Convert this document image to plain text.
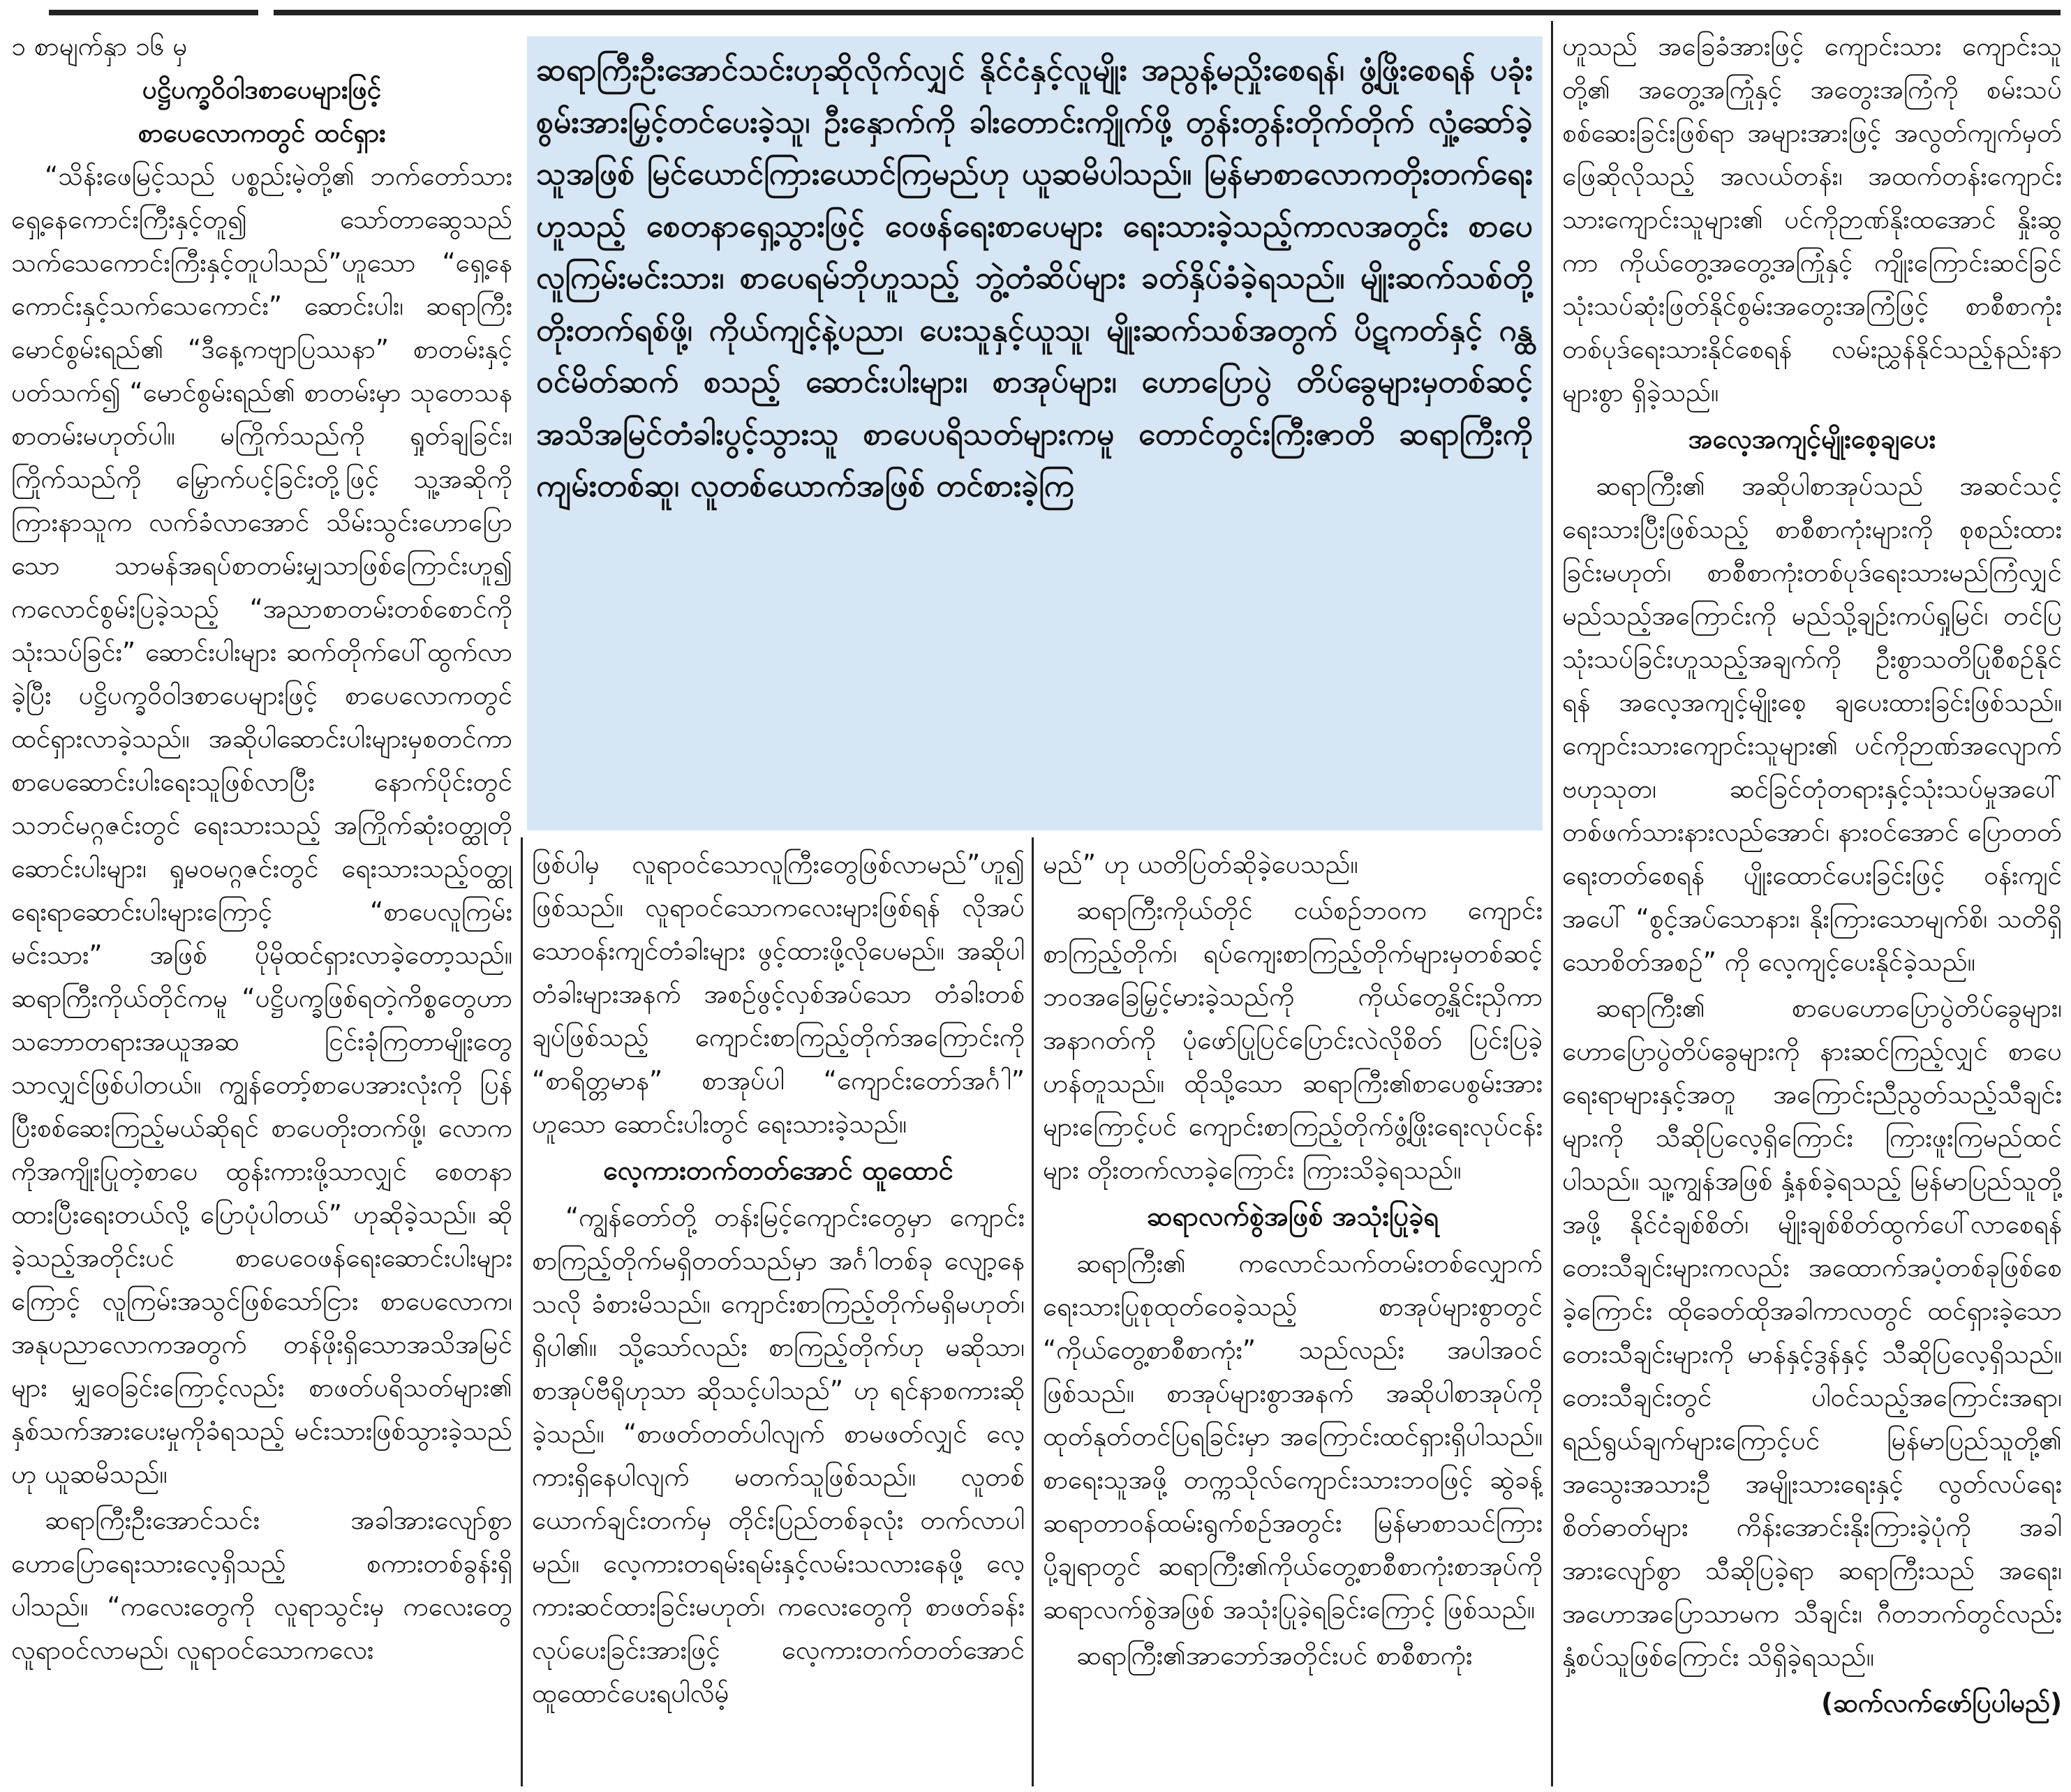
၁ စာမျက်နှာ ၁၆ မှ
ပဋ္ဌိပက္ခဝိဝါဒစာပေများဖြင့်
စာပေလောကတွင် ထင်ရှား

“သိန်းဖေမြင့်သည် ပစ္စည်းမဲ့တို့၏ ဘက်တော်သားရှေ့နေကောင်းကြီးနှင့်တူ၍ သော်တာဆွေသည် သက်သေကောင်းကြီးနှင့်တူပါသည်”ဟူသော “ရှေ့နေကောင်းနှင့်သက်သေကောင်း” ဆောင်းပါး၊ ဆရာကြီးမောင်စွမ်းရည်၏ “ဒီနေ့ကဗျာပြဿနာ” စာတမ်းနှင့်ပတ်သက်၍ “မောင်စွမ်းရည်၏ စာတမ်းမှာ သုတေသနစာတမ်းမဟုတ်ပါ။ မကြိုက်သည်ကို ရှုတ်ချခြင်း၊ ကြိုက်သည်ကို မြှောက်ပင့်ခြင်းတို့ဖြင့် သူ့အဆိုကို ကြားနာသူက လက်ခံလာအောင် သိမ်းသွင်းဟောပြောသော သာမန်အရပ်စာတမ်းမျှသာဖြစ်ကြောင်းဟူ၍ ကလောင်စွမ်းပြခဲ့သည့် “အညာစာတမ်းတစ်စောင်ကို သုံးသပ်ခြင်း” ဆောင်းပါးများ ဆက်တိုက်ပေါ်ထွက်လာခဲ့ပြီး ပဋ္ဌိပက္ခဝိဝါဒစာပေများဖြင့် စာပေလောကတွင် ထင်ရှားလာခဲ့သည်။ အဆိုပါဆောင်းပါးများမှစတင်ကာ စာပေဆောင်းပါးရေးသူဖြစ်လာပြီး နောက်ပိုင်းတွင် သဘင်မဂ္ဂဇင်းတွင် ရေးသားသည့် အကြိုက်ဆုံးဝတ္ထုတိုဆောင်းပါးများ၊ ရှုမဝမဂ္ဂဇင်းတွင် ရေးသားသည့်ဝတ္ထုရေးရာဆောင်းပါးများကြောင့် “စာပေလူကြမ်းမင်းသား” အဖြစ် ပိုမိုထင်ရှားလာခဲ့တော့သည်။ ဆရာကြီးကိုယ်တိုင်ကမူ “ပဋ္ဌိပက္ခဖြစ်ရတဲ့ကိစ္စတွေဟာ သဘောတရားအယူအဆ ငြင်းခုံကြတာမျိုးတွေသာလျှင်ဖြစ်ပါတယ်။ ကျွန်တော့်စာပေအားလုံးကို ပြန်ပြီးစစ်ဆေးကြည့်မယ်ဆိုရင် စာပေတိုးတက်ဖို့၊ လောကကိုအကျိုးပြုတဲ့စာပေ ထွန်းကားဖို့သာလျှင် စေတနာထားပြီးရေးတယ်လို့ ပြောပုံပါတယ်” ဟုဆိုခဲ့သည်။ ဆိုခဲ့သည့်အတိုင်းပင် စာပေဝေဖန်ရေးဆောင်းပါးများကြောင့် လူကြမ်းအသွင်ဖြစ်သော်ငြား စာပေလောက၊ အနုပညာလောကအတွက် တန်ဖိုးရှိသောအသိအမြင်များ မျှဝေခြင်းကြောင့်လည်း စာဖတ်ပရိသတ်များ၏ နှစ်သက်အားပေးမှုကိုခံရသည့် မင်းသားဖြစ်သွားခဲ့သည်ဟု ယူဆမိသည်။

ဆရာကြီးဦးအောင်သင်း အခါအားလျော်စွာ ဟောပြောရေးသားလေ့ရှိသည့် စကားတစ်ခွန်းရှိပါသည်။ “ကလေးတွေကို လူရာသွင်းမှ ကလေးတွေလူရာဝင်လာမည်၊ လူရာဝင်သောကလေး

ဆရာကြီးဦးအောင်သင်းဟုဆိုလိုက်လျှင် နိုင်ငံနှင့်လူမျိုး အညွန့်မညှိုးစေရန်၊ ဖွံ့ဖြိုးစေရန် ပခုံးစွမ်းအားမြှင့်တင်ပေးခဲ့သူ၊ ဦးနှောက်ကို ခါးတောင်းကျိုက်ဖို့ တွန်းတွန်းတိုက်တိုက် လှုံ့ဆော်ခဲ့သူအဖြစ် မြင်ယောင်ကြားယောင်ကြမည်ဟု ယူဆမိပါသည်။ မြန်မာစာလောကတိုးတက်ရေးဟူသည့် စေတနာရှေ့သွားဖြင့် ဝေဖန်ရေးစာပေများ ရေးသားခဲ့သည့်ကာလအတွင်း စာပေလူကြမ်းမင်းသား၊ စာပေရမ်ဘိုဟူသည့် ဘွဲ့တံဆိပ်များ ခတ်နှိပ်ခံခဲ့ရသည်။ မျိုးဆက်သစ်တို့ တိုးတက်ရစ်ဖို့၊ ကိုယ်ကျင့်နဲ့ပညာ၊ ပေးသူနှင့်ယူသူ၊ မျိုးဆက်သစ်အတွက် ပိဋကတ်နှင့် ဂန္ထဝင်မိတ်ဆက် စသည့် ဆောင်းပါးများ၊ စာအုပ်များ၊ ဟောပြောပွဲ တိပ်ခွေများမှတစ်ဆင့် အသိအမြင်တံခါးပွင့်သွားသူ စာပေပရိသတ်များကမူ တောင်တွင်းကြီးဇာတိ ဆရာကြီးကို ကျမ်းတစ်ဆူ၊ လူတစ်ယောက်အဖြစ် တင်စားခဲ့ကြ

ဖြစ်ပါမှ လူရာဝင်သောလူကြီးတွေဖြစ်လာမည်”ဟူ၍ ဖြစ်သည်။ လူရာဝင်သောကလေးများဖြစ်ရန် လိုအပ်သောဝန်းကျင်တံခါးများ ဖွင့်ထားဖို့လိုပေမည်။ အဆိုပါတံခါးများအနက် အစဉ်ဖွင့်လှစ်အပ်သော တံခါးတစ်ချပ်ဖြစ်သည့် ကျောင်းစာကြည့်တိုက်အကြောင်းကို “စာရိတ္တမာန” စာအုပ်ပါ “ကျောင်းတော်အင်္ဂါ” ဟူသော ဆောင်းပါးတွင် ရေးသားခဲ့သည်။

လေ့ကားတက်တတ်အောင် ထူထောင်

“ကျွန်တော်တို့ တန်းမြင့်ကျောင်းတွေမှာ ကျောင်းစာကြည့်တိုက်မရှိတတ်သည်မှာ အင်္ဂါတစ်ခု လျော့နေသလို ခံစားမိသည်။ ကျောင်းစာကြည့်တိုက်မရှိမဟုတ်၊ ရှိပါ၏။ သို့သော်လည်း စာကြည့်တိုက်ဟု မဆိုသာ၊ စာအုပ်ဗီရိုဟုသာ ဆိုသင့်ပါသည်” ဟု ရင်နာစကားဆိုခဲ့သည်။ “စာဖတ်တတ်ပါလျက် စာမဖတ်လျှင် လေ့ကားရှိနေပါလျက် မတက်သူဖြစ်သည်။ လူတစ်ယောက်ချင်းတက်မှ တိုင်းပြည်တစ်ခုလုံး တက်လာပါမည်။ လေ့ကားတရမ်းရမ်းနှင့်လမ်းသလားနေဖို့ လေ့ကားဆင်ထားခြင်းမဟုတ်၊ ကလေးတွေကို စာဖတ်ခန်းလုပ်ပေးခြင်းအားဖြင့် လေ့ကားတက်တတ်အောင် ထူထောင်ပေးရပါလိမ့်

မည်” ဟု ယတိပြတ်ဆိုခဲ့ပေသည်။

ဆရာကြီးကိုယ်တိုင် ငယ်စဉ်ဘဝက ကျောင်းစာကြည့်တိုက်၊ ရပ်ကျေးစာကြည့်တိုက်များမှတစ်ဆင့် ဘဝအခြေမြှင့်မားခဲ့သည်ကို ကိုယ်တွေ့နှိုင်းညှိကာ အနာဂတ်ကို ပုံဖော်ပြုပြင်ပြောင်းလဲလိုစိတ် ပြင်းပြခဲ့ဟန်တူသည်။ ထိုသို့သော ဆရာကြီး၏စာပေစွမ်းအားများကြောင့်ပင် ကျောင်းစာကြည့်တိုက်ဖွံ့ဖြိုးရေးလုပ်ငန်းများ တိုးတက်လာခဲ့ကြောင်း ကြားသိခဲ့ရသည်။

ဆရာလက်စွဲအဖြစ် အသုံးပြုခဲ့ရ

ဆရာကြီး၏ ကလောင်သက်တမ်းတစ်လျှောက် ရေးသားပြုစုထုတ်ဝေခဲ့သည့် စာအုပ်များစွာတွင် “ကိုယ်တွေ့စာစီစာကုံး” သည်လည်း အပါအဝင်ဖြစ်သည်။ စာအုပ်များစွာအနက် အဆိုပါစာအုပ်ကို ထုတ်နုတ်တင်ပြရခြင်းမှာ အကြောင်းထင်ရှားရှိပါသည်။ စာရေးသူအဖို့ တက္ကသိုလ်ကျောင်းသားဘဝဖြင့် ဆွဲခန့်ဆရာတာဝန်ထမ်းရွက်စဉ်အတွင်း မြန်မာစာသင်ကြားပို့ချရာတွင် ဆရာကြီး၏ကိုယ်တွေ့စာစီစာကုံးစာအုပ်ကို ဆရာလက်စွဲအဖြစ် အသုံးပြုခဲ့ရခြင်းကြောင့် ဖြစ်သည်။

ဆရာကြီး၏အာဘော်အတိုင်းပင် စာစီစာကုံး

ဟူသည် အခြေခံအားဖြင့် ကျောင်းသား ကျောင်းသူတို့၏ အတွေ့အကြုံနှင့် အတွေးအကြံကို စမ်းသပ်စစ်ဆေးခြင်းဖြစ်ရာ အများအားဖြင့် အလွတ်ကျက်မှတ်ဖြေဆိုလိုသည့် အလယ်တန်း၊ အထက်တန်းကျောင်းသားကျောင်းသူများ၏ ပင်ကိုဉာဏ်နိုးထအောင် နှိုးဆွကာ ကိုယ်တွေ့အတွေ့အကြုံနှင့် ကျိုးကြောင်းဆင်ခြင် သုံးသပ်ဆုံးဖြတ်နိုင်စွမ်းအတွေးအကြံဖြင့် စာစီစာကုံးတစ်ပုဒ်ရေးသားနိုင်စေရန် လမ်းညွှန်နိုင်သည့်နည်းနာများစွာ ရှိခဲ့သည်။

အလေ့အကျင့်မျိုးစေ့ချပေး

ဆရာကြီး၏ အဆိုပါစာအုပ်သည် အဆင်သင့်ရေးသားပြီးဖြစ်သည့် စာစီစာကုံးများကို စုစည်းထားခြင်းမဟုတ်၊ စာစီစာကုံးတစ်ပုဒ်ရေးသားမည်ကြံလျှင် မည်သည့်အကြောင်းကို မည်သို့ချဉ်းကပ်ရှုမြင်၊ တင်ပြ သုံးသပ်ခြင်းဟူသည့်အချက်ကို ဦးစွာသတိပြုစီစဉ်နိုင်ရန် အလေ့အကျင့်မျိုးစေ့ ချပေးထားခြင်းဖြစ်သည်။ ကျောင်းသားကျောင်းသူများ၏ ပင်ကိုဉာဏ်အလျောက် ဗဟုသုတ၊ ဆင်ခြင်တုံတရားနှင့်သုံးသပ်မှုအပေါ် တစ်ဖက်သားနားလည်အောင်၊ နားဝင်အောင် ပြောတတ်ရေးတတ်စေရန် ပျိုးထောင်ပေးခြင်းဖြင့် ဝန်းကျင်အပေါ် “စွင့်အပ်သောနား၊ နိုးကြားသောမျက်စိ၊ သတိရှိသောစိတ်အစဉ်” ကို လေ့ကျင့်ပေးနိုင်ခဲ့သည်။

ဆရာကြီး၏ စာပေဟောပြောပွဲတိပ်ခွေများ၊ ဟောပြောပွဲတိပ်ခွေများကို နားဆင်ကြည့်လျှင် စာပေရေးရာများနှင့်အတူ အကြောင်းညီညွတ်သည့်သီချင်းများကို သီဆိုပြလေ့ရှိကြောင်း ကြားဖူးကြမည်ထင်ပါသည်။ သူ့ကျွန်အဖြစ် နှံ့နစ်ခဲ့ရသည့် မြန်မာပြည်သူတို့အဖို့ နိုင်ငံချစ်စိတ်၊ မျိုးချစ်စိတ်ထွက်ပေါ်လာစေရန် တေးသီချင်းများကလည်း အထောက်အပံ့တစ်ခုဖြစ်စေခဲ့ကြောင်း ထိုခေတ်ထိုအခါကာလတွင် ထင်ရှားခဲ့သော တေးသီချင်းများကို မာန်နှင့်ဒွန်နှင့် သီဆိုပြလေ့ရှိသည်။ တေးသီချင်းတွင် ပါဝင်သည့်အကြောင်းအရာ၊ ရည်ရွယ်ချက်များကြောင့်ပင် မြန်မာပြည်သူတို့၏ အသွေးအသားဦ အမျိုးသားရေးနှင့် လွတ်လပ်ရေးစိတ်ဓာတ်များ ကိန်းအောင်းနိုးကြားခဲ့ပုံကို အခါအားလျော်စွာ သီဆိုပြခဲ့ရာ ဆရာကြီးသည် အရေး၊ အဟောအပြောသာမက သီချင်း၊ ဂီတဘက်တွင်လည်း နှံ့စပ်သူဖြစ်ကြောင်း သိရှိခဲ့ရသည်။

(ဆက်လက်ဖော်ပြပါမည်)
